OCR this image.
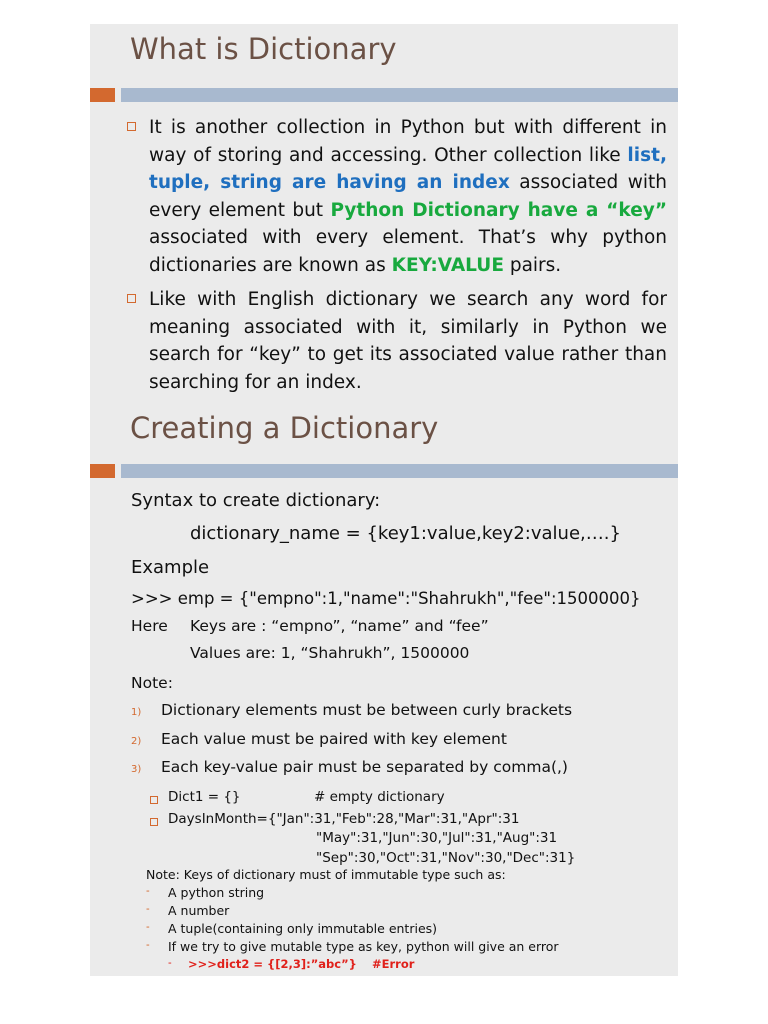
What is Dictionary
It is another collection in Python but with different in way of storing and accessing. Other collection like list, tuple, string are having an index associated with every element but Python Dictionary have a “key” associated with every element. That’s why python dictionaries are known as KEY:VALUE pairs.
Like with English dictionary we search any word for meaning associated with it, similarly in Python we search for “key” to get its associated value rather than searching for an index.
Creating a Dictionary
Syntax to create dictionary:
dictionary_name = {key1:value,key2:value,….}
Example
>>> emp = {"empno":1,"name":"Shahrukh","fee":1500000}
Here Keys are : “empno”, “name” and “fee”
Values are: 1, “Shahrukh”, 1500000
Note:
1) Dictionary elements must be between curly brackets
2) Each value must be paired with key element
3) Each key-value pair must be separated by comma(,)
Dict1 = {}	# empty dictionary
DaysInMonth={"Jan":31,"Feb":28,"Mar":31,"Apr":31
"May":31,"Jun":30,"Jul":31,"Aug":31
"Sep":30,"Oct":31,"Nov":30,"Dec":31}
Note: Keys of dictionary must of immutable type such as:
- A python string
- A number
- A tuple(containing only immutable entries)
- If we try to give mutable type as key, python will give an error
- >>>dict2 = {[2,3]:”abc”} #Error
